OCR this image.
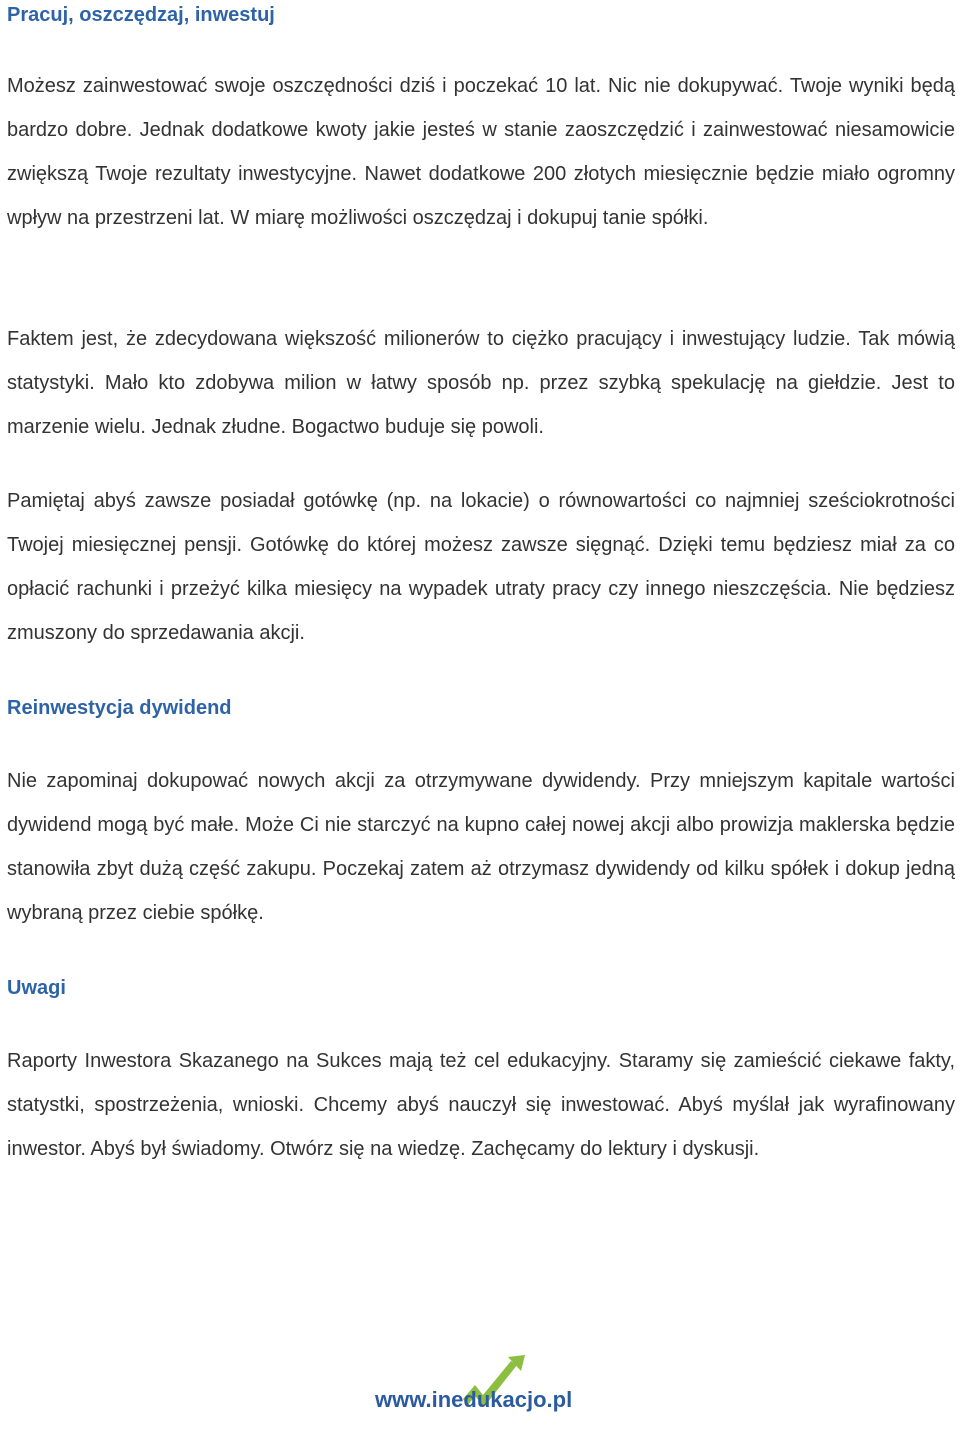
Pracuj, oszczędzaj, inwestuj

Możesz zainwestować swoje oszczędności dziś i poczekać 10 lat. Nic nie dokupywać. Twoje wyniki będą bardzo dobre. Jednak dodatkowe kwoty jakie jesteś w stanie zaoszczędzić i zainwestować niesamowicie zwiększą Twoje rezultaty inwestycyjne. Nawet dodatkowe 200 złotych miesięcznie będzie miało ogromny wpływ na przestrzeni lat. W miarę możliwości oszczędzaj i dokupuj tanie spółki.

Faktem jest, że zdecydowana większość milionerów to ciężko pracujący i inwestujący ludzie. Tak mówią statystyki. Mało kto zdobywa milion w łatwy sposób np. przez szybką spekulację na giełdzie. Jest to marzenie wielu. Jednak złudne. Bogactwo buduje się powoli.

Pamiętaj abyś zawsze posiadał gotówkę (np. na lokacie) o równowartości co najmniej sześciokrotności Twojej miesięcznej pensji. Gotówkę do której możesz zawsze sięgnąć. Dzięki temu będziesz miał za co opłacić rachunki i przeżyć kilka miesięcy na wypadek utraty pracy czy innego nieszczęścia. Nie będziesz zmuszony do sprzedawania akcji.

Reinwestycja dywidend

Nie zapominaj dokupować nowych akcji za otrzymywane dywidendy. Przy mniejszym kapitale wartości dywidend mogą być małe. Może Ci nie starczyć na kupno całej nowej akcji albo prowizja maklerska będzie stanowiła zbyt dużą część zakupu. Poczekaj zatem aż otrzymasz dywidendy od kilku spółek i dokup jedną wybraną przez ciebie spółkę.

Uwagi

Raporty Inwestora Skazanego na Sukces mają też cel edukacyjny. Staramy się zamieścić ciekawe fakty, statystki, spostrzeżenia, wnioski. Chcemy abyś nauczył się inwestować. Abyś myślał jak wyrafinowany inwestor. Abyś był świadomy. Otwórz się na wiedzę. Zachęcamy do lektury i dyskusji.

www.inedukacjo.pl
